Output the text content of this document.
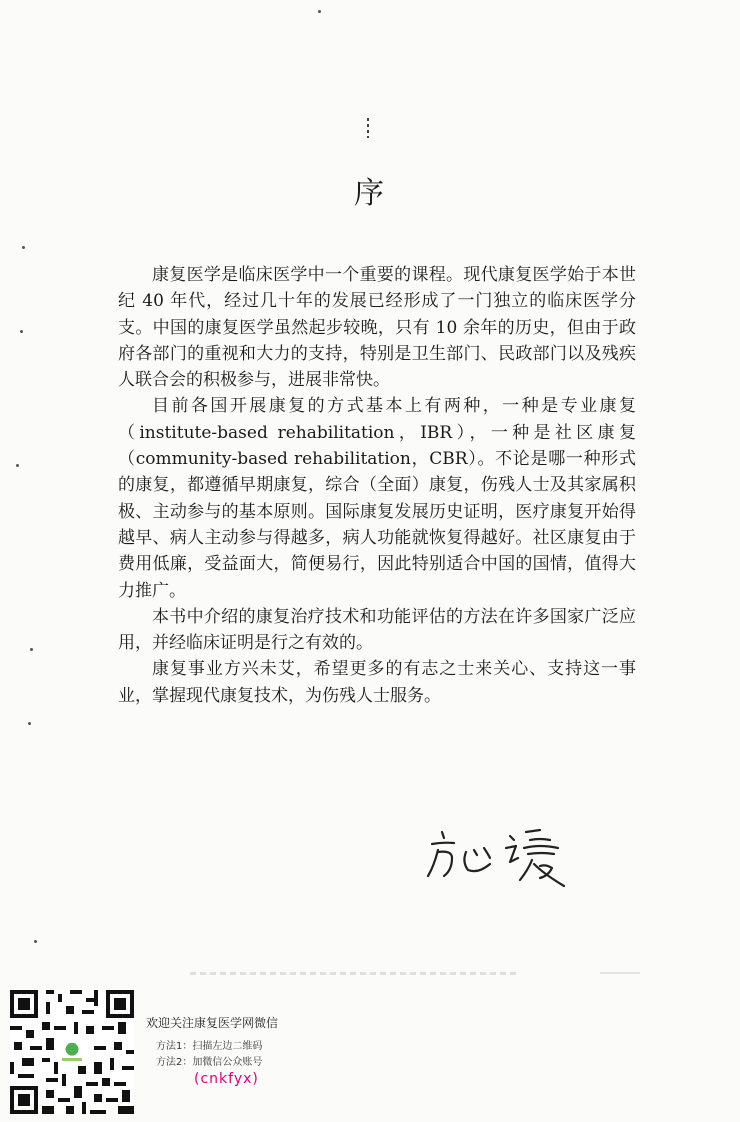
序

康复医学是临床医学中一个重要的课程。现代康复医学始于本世纪 40 年代，经过几十年的发展已经形成了一门独立的临床医学分支。中国的康复医学虽然起步较晚，只有 10 余年的历史，但由于政府各部门的重视和大力的支持，特别是卫生部门、民政部门以及残疾人联合会的积极参与，进展非常快。

目前各国开展康复的方式基本上有两种，一种是专业康复（institute-based rehabilitation，IBR），一种是社区康复（community-based rehabilitation，CBR）。不论是哪一种形式的康复，都遵循早期康复，综合（全面）康复，伤残人士及其家属积极、主动参与的基本原则。国际康复发展历史证明，医疗康复开始得越早、病人主动参与得越多，病人功能就恢复得越好。社区康复由于费用低廉，受益面大，简便易行，因此特别适合中国的国情，值得大力推广。

本书中介绍的康复治疗技术和功能评估的方法在许多国家广泛应用，并经临床证明是行之有效的。

康复事业方兴未艾，希望更多的有志之士来关心、支持这一事业，掌握现代康复技术，为伤残人士服务。

欢迎关注康复医学网微信
方法1：扫描左边二维码
方法2：加微信公众账号
(cnkfyx)
